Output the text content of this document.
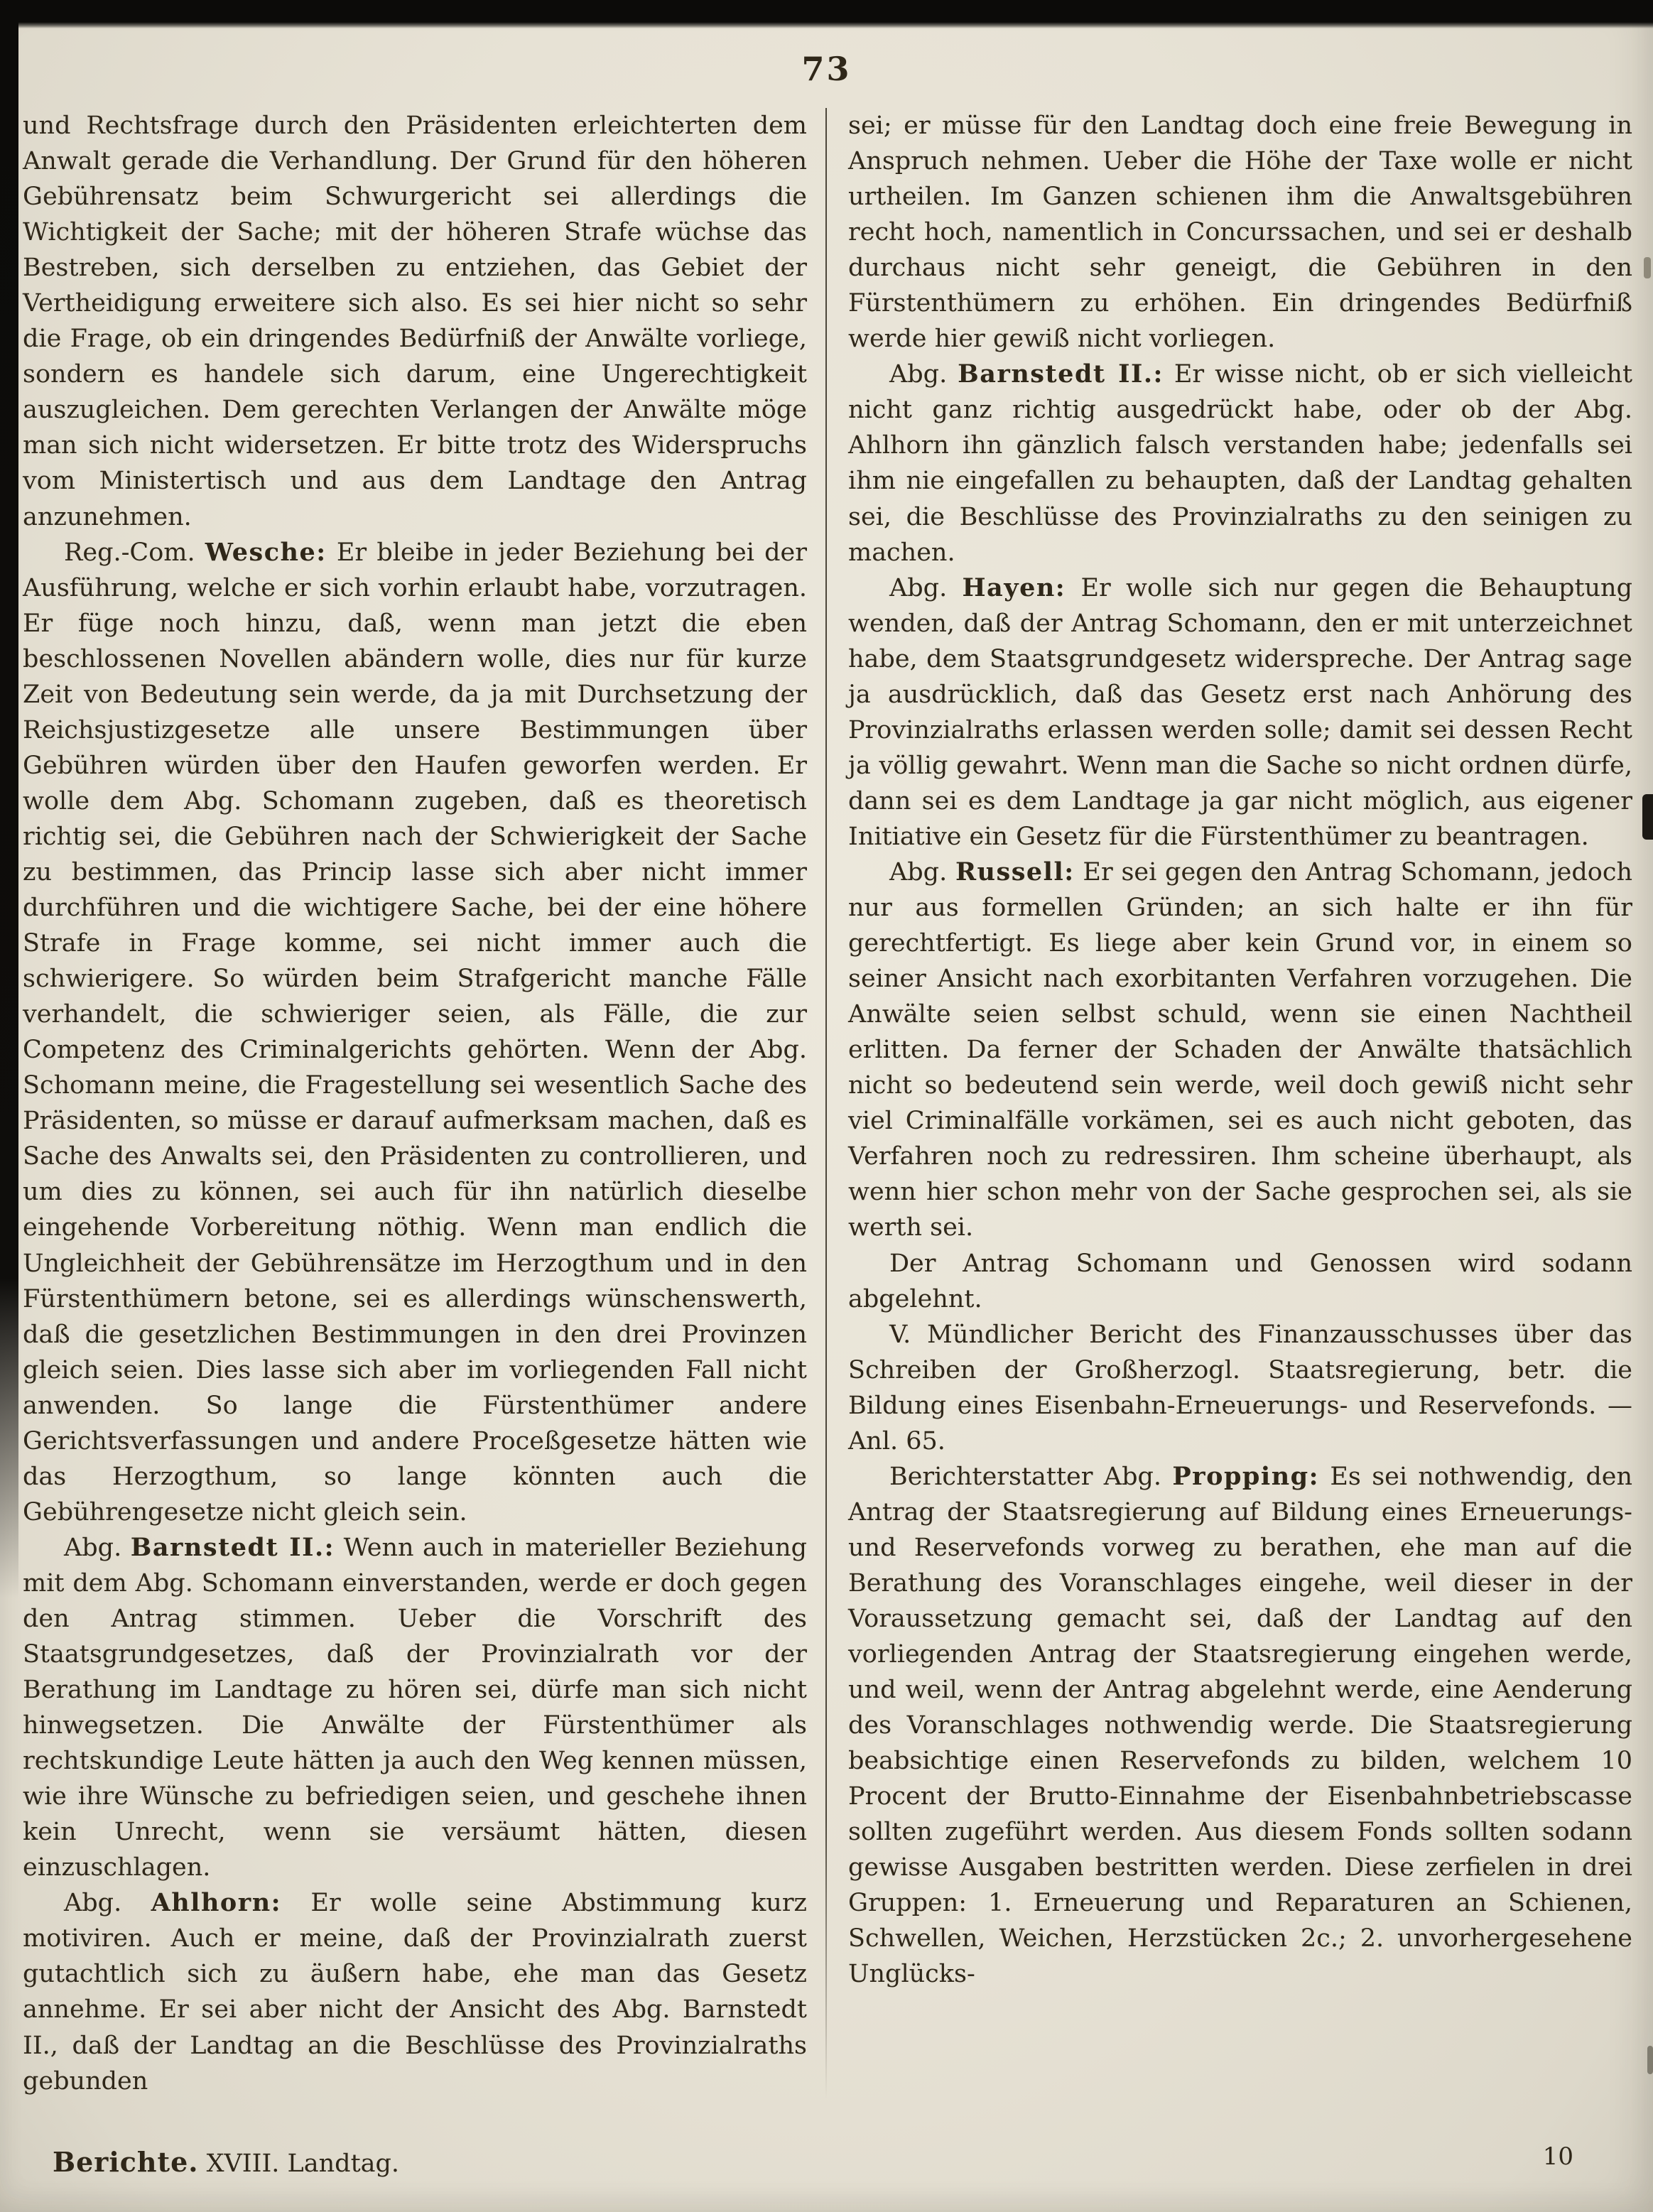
73

und Rechtsfrage durch den Präsidenten erleichterten dem Anwalt gerade die Verhandlung. Der Grund für den höheren Gebührensatz beim Schwurgericht sei allerdings die Wichtigkeit der Sache; mit der höheren Strafe wüchse das Bestreben, sich derselben zu entziehen, das Gebiet der Vertheidigung erweitere sich also. Es sei hier nicht so sehr die Frage, ob ein dringendes Bedürfniß der Anwälte vorliege, sondern es handele sich darum, eine Ungerechtigkeit auszugleichen. Dem gerechten Verlangen der Anwälte möge man sich nicht widersetzen. Er bitte trotz des Widerspruchs vom Ministertisch und aus dem Landtage den Antrag anzunehmen.

Reg.-Com. Wesche: Er bleibe in jeder Beziehung bei der Ausführung, welche er sich vorhin erlaubt habe, vorzutragen. Er füge noch hinzu, daß, wenn man jetzt die eben beschlossenen Novellen abändern wolle, dies nur für kurze Zeit von Bedeutung sein werde, da ja mit Durchsetzung der Reichsjustizgesetze alle unsere Bestimmungen über Gebühren würden über den Haufen geworfen werden. Er wolle dem Abg. Schomann zugeben, daß es theoretisch richtig sei, die Gebühren nach der Schwierigkeit der Sache zu bestimmen, das Princip lasse sich aber nicht immer durchführen und die wichtigere Sache, bei der eine höhere Strafe in Frage komme, sei nicht immer auch die schwierigere. So würden beim Strafgericht manche Fälle verhandelt, die schwieriger seien, als Fälle, die zur Competenz des Criminalgerichts gehörten. Wenn der Abg. Schomann meine, die Fragestellung sei wesentlich Sache des Präsidenten, so müsse er darauf aufmerksam machen, daß es Sache des Anwalts sei, den Präsidenten zu controllieren, und um dies zu können, sei auch für ihn natürlich dieselbe eingehende Vorbereitung nöthig. Wenn man endlich die Ungleichheit der Gebührensätze im Herzogthum und in den Fürstenthümern betone, sei es allerdings wünschenswerth, daß die gesetzlichen Bestimmungen in den drei Provinzen gleich seien. Dies lasse sich aber im vorliegenden Fall nicht anwenden. So lange die Fürstenthümer andere Gerichtsverfassungen und andere Proceßgesetze hätten wie das Herzogthum, so lange könnten auch die Gebührengesetze nicht gleich sein.

Abg. Barnstedt II.: Wenn auch in materieller Beziehung mit dem Abg. Schomann einverstanden, werde er doch gegen den Antrag stimmen. Ueber die Vorschrift des Staatsgrundgesetzes, daß der Provinzialrath vor der Berathung im Landtage zu hören sei, dürfe man sich nicht hinwegsetzen. Die Anwälte der Fürstenthümer als rechtskundige Leute hätten ja auch den Weg kennen müssen, wie ihre Wünsche zu befriedigen seien, und geschehe ihnen kein Unrecht, wenn sie versäumt hätten, diesen einzuschlagen.

Abg. Ahlhorn: Er wolle seine Abstimmung kurz motiviren. Auch er meine, daß der Provinzialrath zuerst gutachtlich sich zu äußern habe, ehe man das Gesetz annehme. Er sei aber nicht der Ansicht des Abg. Barnstedt II., daß der Landtag an die Beschlüsse des Provinzialraths gebunden

sei; er müsse für den Landtag doch eine freie Bewegung in Anspruch nehmen. Ueber die Höhe der Taxe wolle er nicht urtheilen. Im Ganzen schienen ihm die Anwaltsgebühren recht hoch, namentlich in Concurssachen, und sei er deshalb durchaus nicht sehr geneigt, die Gebühren in den Fürstenthümern zu erhöhen. Ein dringendes Bedürfniß werde hier gewiß nicht vorliegen.

Abg. Barnstedt II.: Er wisse nicht, ob er sich vielleicht nicht ganz richtig ausgedrückt habe, oder ob der Abg. Ahlhorn ihn gänzlich falsch verstanden habe; jedenfalls sei ihm nie eingefallen zu behaupten, daß der Landtag gehalten sei, die Beschlüsse des Provinzialraths zu den seinigen zu machen.

Abg. Hayen: Er wolle sich nur gegen die Behauptung wenden, daß der Antrag Schomann, den er mit unterzeichnet habe, dem Staatsgrundgesetz widerspreche. Der Antrag sage ja ausdrücklich, daß das Gesetz erst nach Anhörung des Provinzialraths erlassen werden solle; damit sei dessen Recht ja völlig gewahrt. Wenn man die Sache so nicht ordnen dürfe, dann sei es dem Landtage ja gar nicht möglich, aus eigener Initiative ein Gesetz für die Fürstenthümer zu beantragen.

Abg. Russell: Er sei gegen den Antrag Schomann, jedoch nur aus formellen Gründen; an sich halte er ihn für gerechtfertigt. Es liege aber kein Grund vor, in einem so seiner Ansicht nach exorbitanten Verfahren vorzugehen. Die Anwälte seien selbst schuld, wenn sie einen Nachtheil erlitten. Da ferner der Schaden der Anwälte thatsächlich nicht so bedeutend sein werde, weil doch gewiß nicht sehr viel Criminalfälle vorkämen, sei es auch nicht geboten, das Verfahren noch zu redressiren. Ihm scheine überhaupt, als wenn hier schon mehr von der Sache gesprochen sei, als sie werth sei.

Der Antrag Schomann und Genossen wird sodann abgelehnt.

V. Mündlicher Bericht des Finanzausschusses über das Schreiben der Großherzogl. Staatsregierung, betr. die Bildung eines Eisenbahn-Erneuerungs- und Reservefonds. — Anl. 65.

Berichterstatter Abg. Propping: Es sei nothwendig, den Antrag der Staatsregierung auf Bildung eines Erneuerungs- und Reservefonds vorweg zu berathen, ehe man auf die Berathung des Voranschlages eingehe, weil dieser in der Voraussetzung gemacht sei, daß der Landtag auf den vorliegenden Antrag der Staatsregierung eingehen werde, und weil, wenn der Antrag abgelehnt werde, eine Aenderung des Voranschlages nothwendig werde. Die Staatsregierung beabsichtige einen Reservefonds zu bilden, welchem 10 Procent der Brutto-Einnahme der Eisenbahnbetriebscasse sollten zugeführt werden. Aus diesem Fonds sollten sodann gewisse Ausgaben bestritten werden. Diese zerfielen in drei Gruppen: 1. Erneuerung und Reparaturen an Schienen, Schwellen, Weichen, Herzstücken 2c.; 2. unvorhergesehene Unglücks-

Berichte. XVIII. Landtag.	10
